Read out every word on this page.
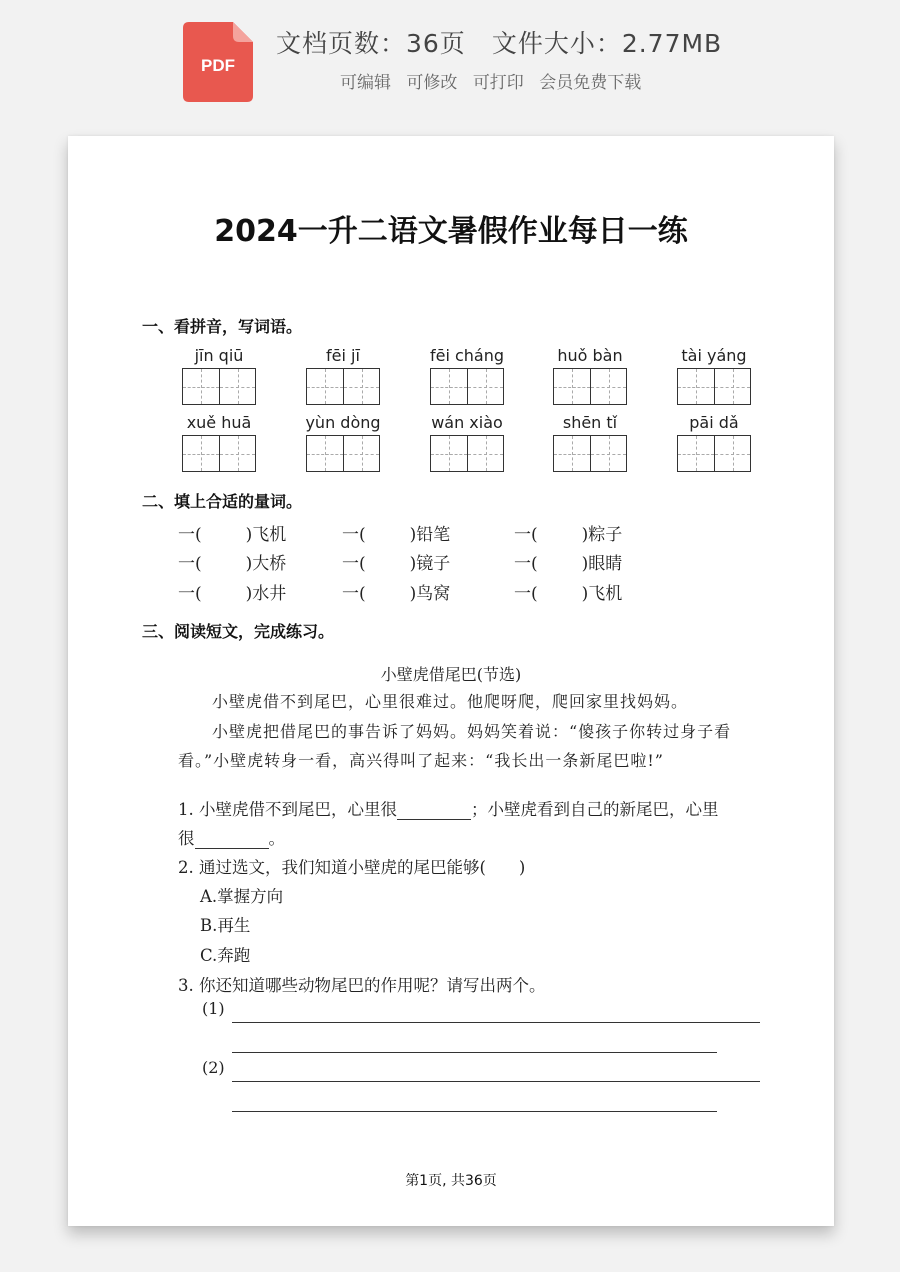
PDF
文档页数：36页 文件大小：2.77MB
可编辑 可修改 可打印 会员免费下载
2024一升二语文暑假作业每日一练
一、看拼音，写词语。
jīn qiū	fēi jī	fēi cháng	huǒ bàn	tài yáng
xuě huā	yùn dòng	wán xiào	shēn tǐ	pāi dǎ
二、填上合适的量词。
一(	)飞机	一(	)铅笔	一(	)粽子
一(	)大桥	一(	)镜子	一(	)眼睛
一(	)水井	一(	)鸟窝	一(	)飞机
三、阅读短文，完成练习。
小壁虎借尾巴(节选)
小壁虎借不到尾巴，心里很难过。他爬呀爬，爬回家里找妈妈。
小壁虎把借尾巴的事告诉了妈妈。妈妈笑着说：“傻孩子你转过身子看看。”小壁虎转身一看，高兴得叫了起来：“我长出一条新尾巴啦!”
1. 小壁虎借不到尾巴，心里很	；小壁虎看到自己的新尾巴，心里
很	。
2. 通过选文，我们知道小壁虎的尾巴能够(　　)
A.掌握方向
B.再生
C.奔跑
3. 你还知道哪些动物尾巴的作用呢？请写出两个。
(1)
(2)
第1页, 共36页
